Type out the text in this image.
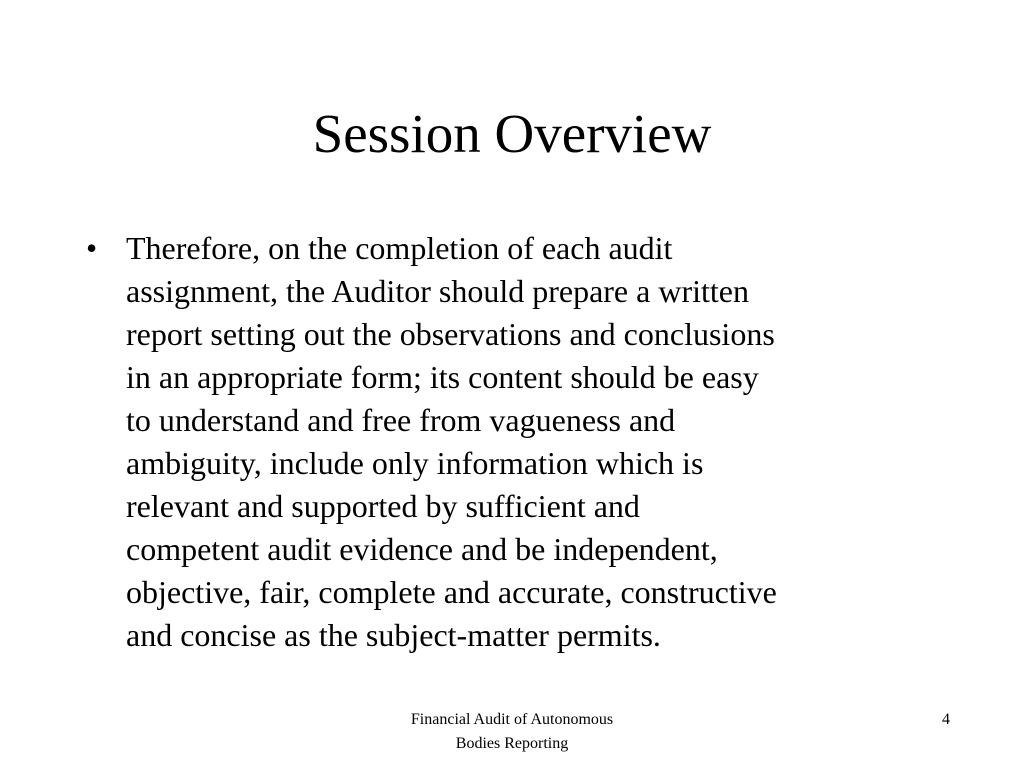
Session Overview
• Therefore, on the completion of each audit
assignment, the Auditor should prepare a written
report setting out the observations and conclusions
in an appropriate form; its content should be easy
to understand and free from vagueness and
ambiguity, include only information which is
relevant and supported by sufficient and
competent audit evidence and be independent,
objective, fair, complete and accurate, constructive
and concise as the subject-matter permits.
Financial Audit of Autonomous
Bodies Reporting
4
